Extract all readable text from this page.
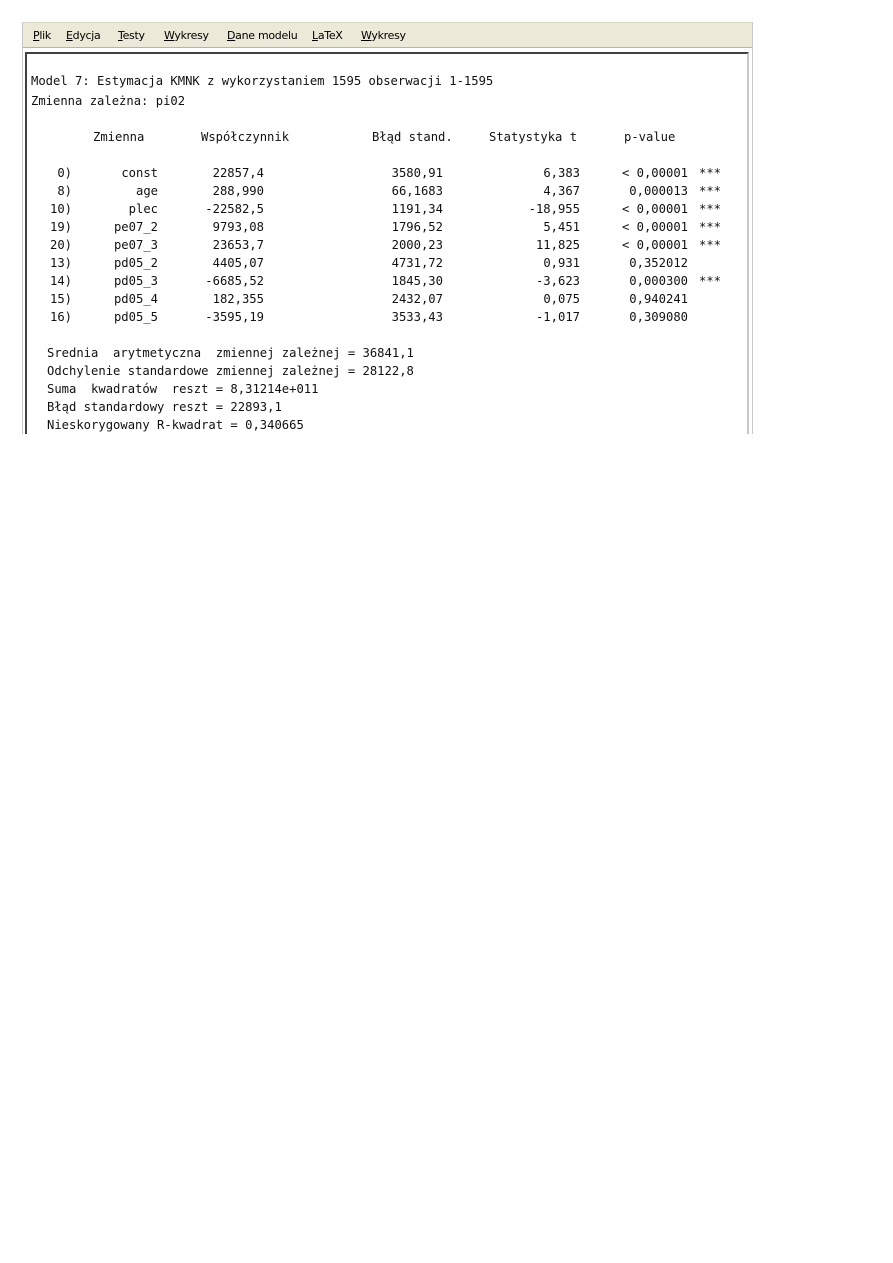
Plik Edycja Testy Wykresy Dane modelu LaTeX Wykresy
Model 7: Estymacja KMNK z wykorzystaniem 1595 obserwacji 1-1595
Zmienna zależna: pi02
Zmienna	Współczynnik	Błąd stand.	Statystyka t	p-value
0)	const	22857,4	3580,91	6,383	< 0,00001 ***
8)	age	288,990	66,1683	4,367	0,000013 ***
10)	plec	-22582,5	1191,34	-18,955	< 0,00001 ***
19)	pe07_2	9793,08	1796,52	5,451	< 0,00001 ***
20)	pe07_3	23653,7	2000,23	11,825	< 0,00001 ***
13)	pd05_2	4405,07	4731,72	0,931	0,352012
14)	pd05_3	-6685,52	1845,30	-3,623	0,000300 ***
15)	pd05_4	182,355	2432,07	0,075	0,940241
16)	pd05_5	-3595,19	3533,43	-1,017	0,309080
Srednia  arytmetyczna  zmiennej zależnej = 36841,1
Odchylenie standardowe zmiennej zależnej = 28122,8
Suma  kwadratów  reszt = 8,31214e+011
Błąd standardowy reszt = 22893,1
Nieskorygowany R-kwadrat = 0,340665
